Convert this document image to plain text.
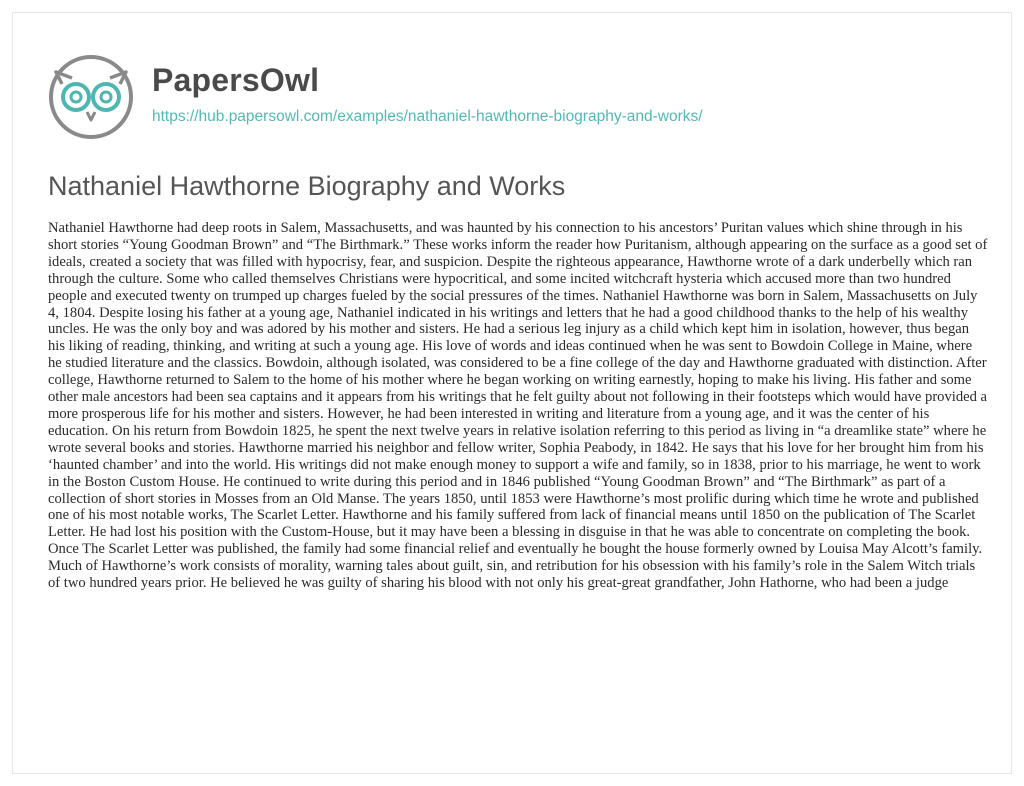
PapersOwl
https://hub.papersowl.com/examples/nathaniel-hawthorne-biography-and-works/
Nathaniel Hawthorne Biography and Works

Nathaniel Hawthorne had deep roots in Salem, Massachusetts, and was haunted by his connection to his ancestors’ Puritan values which shine through in his short stories “Young Goodman Brown” and “The Birthmark.” These works inform the reader how Puritanism, although appearing on the surface as a good set of ideals, created a society that was filled with hypocrisy, fear, and suspicion. Despite the righteous appearance, Hawthorne wrote of a dark underbelly which ran through the culture. Some who called themselves Christians were hypocritical, and some incited witchcraft hysteria which accused more than two hundred people and executed twenty on trumped up charges fueled by the social pressures of the times. Nathaniel Hawthorne was born in Salem, Massachusetts on July 4, 1804. Despite losing his father at a young age, Nathaniel indicated in his writings and letters that he had a good childhood thanks to the help of his wealthy uncles. He was the only boy and was adored by his mother and sisters. He had a serious leg injury as a child which kept him in isolation, however, thus began his liking of reading, thinking, and writing at such a young age. His love of words and ideas continued when he was sent to Bowdoin College in Maine, where he studied literature and the classics. Bowdoin, although isolated, was considered to be a fine college of the day and Hawthorne graduated with distinction. After college, Hawthorne returned to Salem to the home of his mother where he began working on writing earnestly, hoping to make his living. His father and some other male ancestors had been sea captains and it appears from his writings that he felt guilty about not following in their footsteps which would have provided a more prosperous life for his mother and sisters. However, he had been interested in writing and literature from a young age, and it was the center of his education. On his return from Bowdoin 1825, he spent the next twelve years in relative isolation referring to this period as living in “a dreamlike state” where he wrote several books and stories. Hawthorne married his neighbor and fellow writer, Sophia Peabody, in 1842. He says that his love for her brought him from his ‘haunted chamber’ and into the world. His writings did not make enough money to support a wife and family, so in 1838, prior to his marriage, he went to work in the Boston Custom House. He continued to write during this period and in 1846 published “Young Goodman Brown” and “The Birthmark” as part of a collection of short stories in Mosses from an Old Manse. The years 1850, until 1853 were Hawthorne’s most prolific during which time he wrote and published one of his most notable works, The Scarlet Letter. Hawthorne and his family suffered from lack of financial means until 1850 on the publication of The Scarlet Letter. He had lost his position with the Custom-House, but it may have been a blessing in disguise in that he was able to concentrate on completing the book. Once The Scarlet Letter was published, the family had some financial relief and eventually he bought the house formerly owned by Louisa May Alcott’s family. Much of Hawthorne’s work consists of morality, warning tales about guilt, sin, and retribution for his obsession with his family’s role in the Salem Witch trials of two hundred years prior. He believed he was guilty of sharing his blood with not only his great-great grandfather, John Hathorne, who had been a judge
